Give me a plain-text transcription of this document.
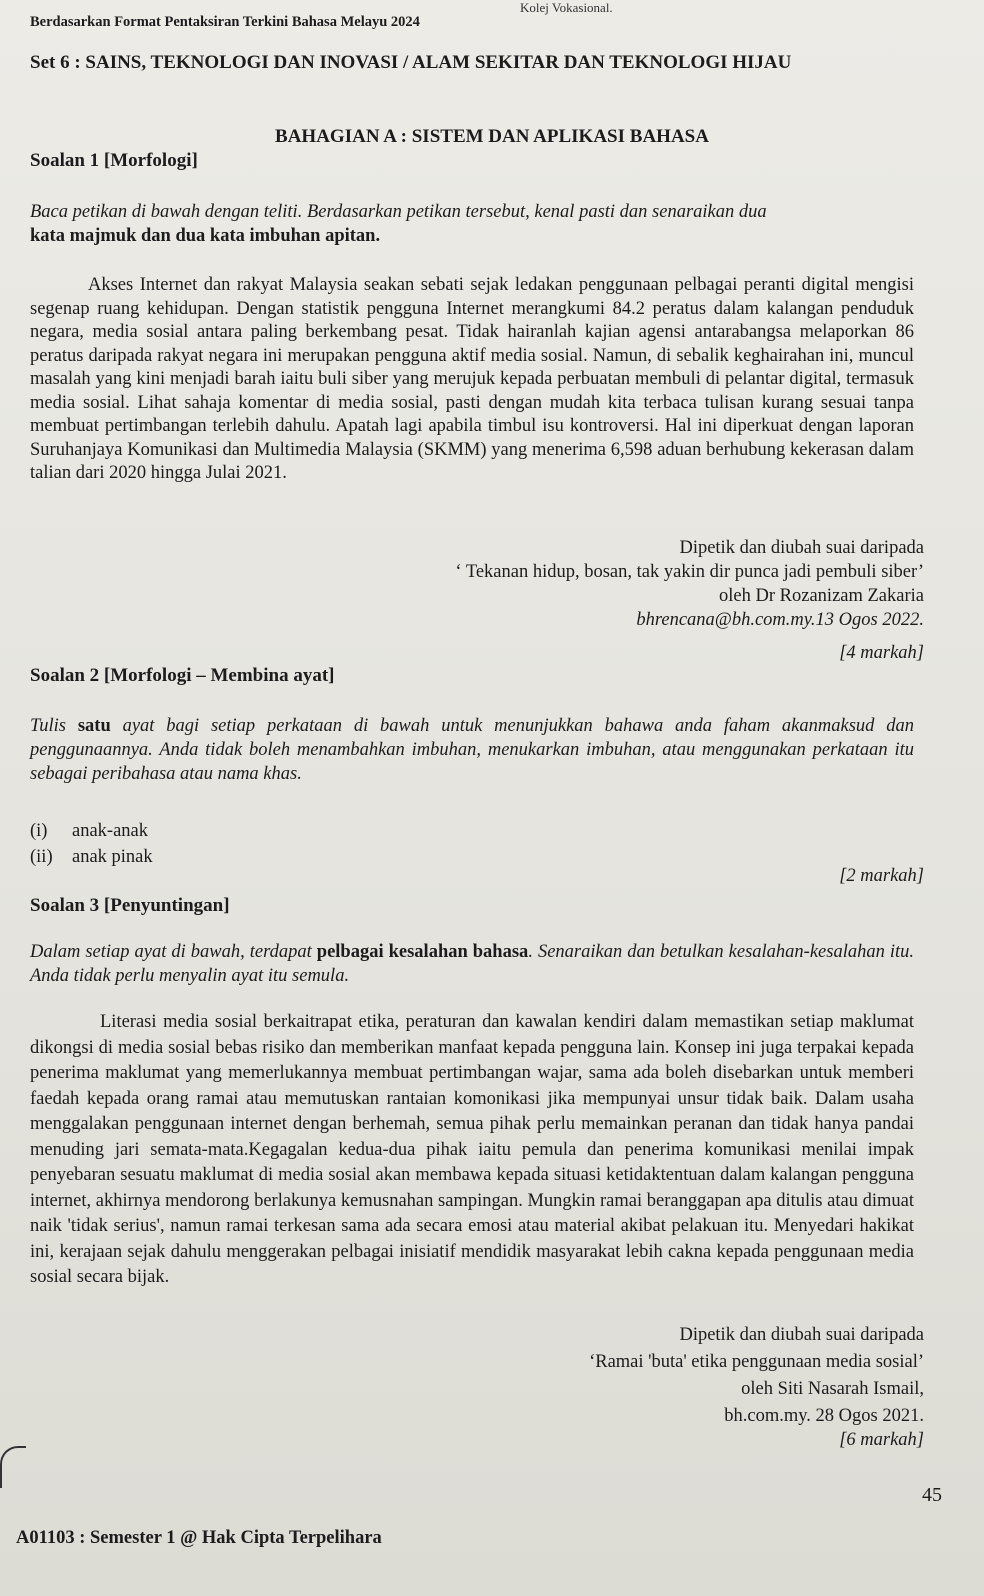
Kolej Vokasional.
Berdasarkan Format Pentaksiran Terkini Bahasa Melayu 2024
Set 6 : SAINS, TEKNOLOGI DAN INOVASI / ALAM SEKITAR DAN TEKNOLOGI HIJAU
BAHAGIAN A : SISTEM DAN APLIKASI BAHASA
Soalan 1 [Morfologi]
Baca petikan di bawah dengan teliti. Berdasarkan petikan tersebut, kenal pasti dan senaraikan dua
kata majmuk dan dua kata imbuhan apitan.

Akses Internet dan rakyat Malaysia seakan sebati sejak ledakan penggunaan pelbagai peranti digital mengisi segenap ruang kehidupan. Dengan statistik pengguna Internet merangkumi 84.2 peratus dalam kalangan penduduk negara, media sosial antara paling berkembang pesat. Tidak hairanlah kajian agensi antarabangsa melaporkan 86 peratus daripada rakyat negara ini merupakan pengguna aktif media sosial. Namun, di sebalik keghairahan ini, muncul masalah yang kini menjadi barah iaitu buli siber yang merujuk kepada perbuatan membuli di pelantar digital, termasuk media sosial. Lihat sahaja komentar di media sosial, pasti dengan mudah kita terbaca tulisan kurang sesuai tanpa membuat pertimbangan terlebih dahulu. Apatah lagi apabila timbul isu kontroversi. Hal ini diperkuat dengan laporan Suruhanjaya Komunikasi dan Multimedia Malaysia (SKMM) yang menerima 6,598 aduan berhubung kekerasan dalam talian dari 2020 hingga Julai 2021.

Dipetik dan diubah suai daripada
‘ Tekanan hidup, bosan, tak yakin dir punca jadi pembuli siber’
oleh Dr Rozanizam Zakaria
bhrencana@bh.com.my.13 Ogos 2022.
[4 markah]
Soalan 2 [Morfologi – Membina ayat]
Tulis satu ayat bagi setiap perkataan di bawah untuk menunjukkan bahawa anda faham akanmaksud dan penggunaannya. Anda tidak boleh menambahkan imbuhan, menukarkan imbuhan, atau menggunakan perkataan itu sebagai peribahasa atau nama khas.
(i) anak-anak
(ii) anak pinak
[2 markah]
Soalan 3 [Penyuntingan]
Dalam setiap ayat di bawah, terdapat pelbagai kesalahan bahasa. Senaraikan dan betulkan kesalahan-kesalahan itu. Anda tidak perlu menyalin ayat itu semula.

Literasi media sosial berkaitrapat etika, peraturan dan kawalan kendiri dalam memastikan setiap maklumat dikongsi di media sosial bebas risiko dan memberikan manfaat kepada pengguna lain. Konsep ini juga terpakai kepada penerima maklumat yang memerlukannya membuat pertimbangan wajar, sama ada boleh disebarkan untuk memberi faedah kepada orang ramai atau memutuskan rantaian komonikasi jika mempunyai unsur tidak baik. Dalam usaha menggalakan penggunaan internet dengan berhemah, semua pihak perlu memainkan peranan dan tidak hanya pandai menuding jari semata-mata.Kegagalan kedua-dua pihak iaitu pemula dan penerima komunikasi menilai impak penyebaran sesuatu maklumat di media sosial akan membawa kepada situasi ketidaktentuan dalam kalangan pengguna internet, akhirnya mendorong berlakunya kemusnahan sampingan. Mungkin ramai beranggapan apa ditulis atau dimuat naik 'tidak serius', namun ramai terkesan sama ada secara emosi atau material akibat pelakuan itu. Menyedari hakikat ini, kerajaan sejak dahulu menggerakan pelbagai inisiatif mendidik masyarakat lebih cakna kepada penggunaan media sosial secara bijak.

Dipetik dan diubah suai daripada
‘Ramai 'buta' etika penggunaan media sosial’
oleh Siti Nasarah Ismail,
bh.com.my. 28 Ogos 2021.
[6 markah]
45
A01103 : Semester 1 @ Hak Cipta Terpelihara
